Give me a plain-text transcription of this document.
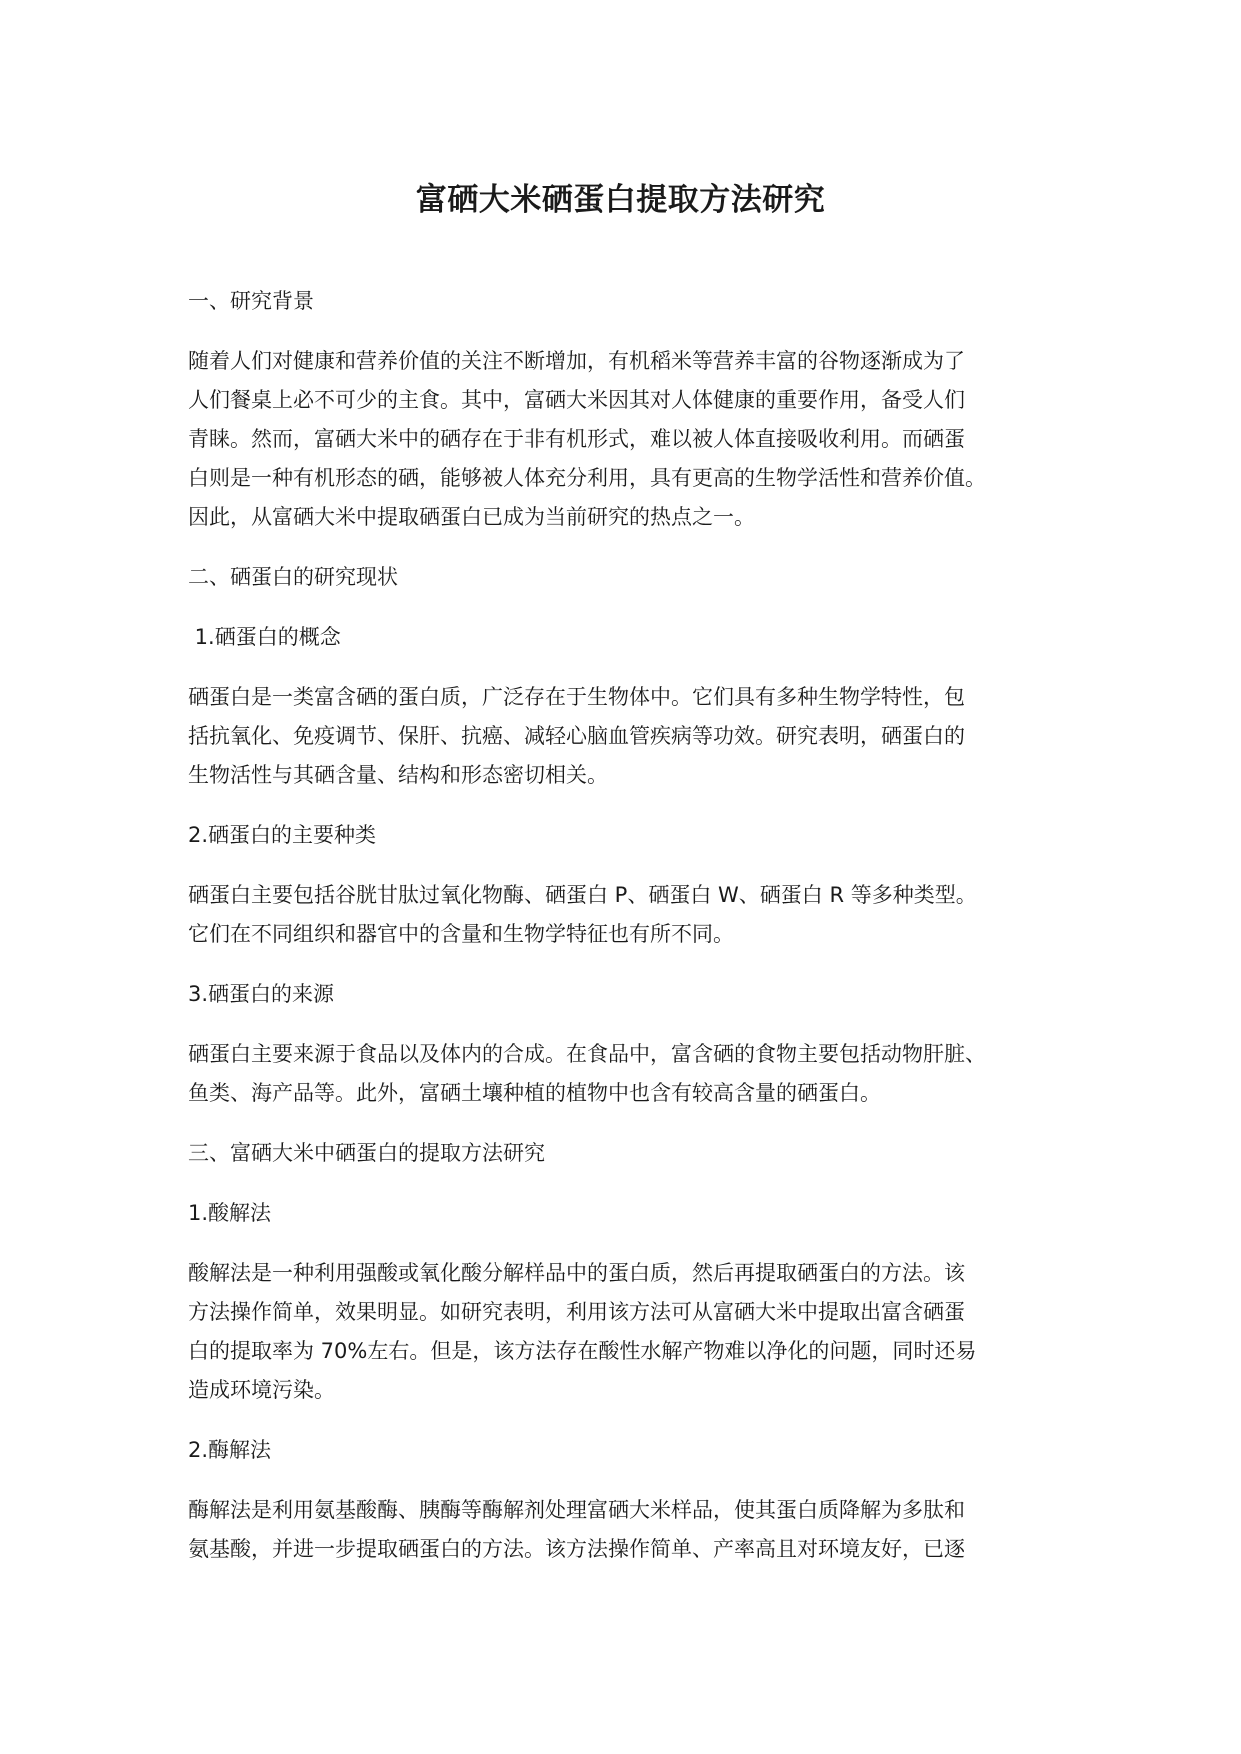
富硒大米硒蛋白提取方法研究

一、研究背景

随着人们对健康和营养价值的关注不断增加，有机稻米等营养丰富的谷物逐渐成为了
人们餐桌上必不可少的主食。其中，富硒大米因其对人体健康的重要作用，备受人们
青睐。然而，富硒大米中的硒存在于非有机形式，难以被人体直接吸收利用。而硒蛋
白则是一种有机形态的硒，能够被人体充分利用，具有更高的生物学活性和营养价值。
因此，从富硒大米中提取硒蛋白已成为当前研究的热点之一。

二、硒蛋白的研究现状

1.硒蛋白的概念

硒蛋白是一类富含硒的蛋白质，广泛存在于生物体中。它们具有多种生物学特性，包
括抗氧化、免疫调节、保肝、抗癌、减轻心脑血管疾病等功效。研究表明，硒蛋白的
生物活性与其硒含量、结构和形态密切相关。

2.硒蛋白的主要种类

硒蛋白主要包括谷胱甘肽过氧化物酶、硒蛋白 P、硒蛋白 W、硒蛋白 R 等多种类型。
它们在不同组织和器官中的含量和生物学特征也有所不同。

3.硒蛋白的来源

硒蛋白主要来源于食品以及体内的合成。在食品中，富含硒的食物主要包括动物肝脏、
鱼类、海产品等。此外，富硒土壤种植的植物中也含有较高含量的硒蛋白。

三、富硒大米中硒蛋白的提取方法研究

1.酸解法

酸解法是一种利用强酸或氧化酸分解样品中的蛋白质，然后再提取硒蛋白的方法。该
方法操作简单，效果明显。如研究表明，利用该方法可从富硒大米中提取出富含硒蛋
白的提取率为 70%左右。但是，该方法存在酸性水解产物难以净化的问题，同时还易
造成环境污染。

2.酶解法

酶解法是利用氨基酸酶、胰酶等酶解剂处理富硒大米样品，使其蛋白质降解为多肽和
氨基酸，并进一步提取硒蛋白的方法。该方法操作简单、产率高且对环境友好，已逐
